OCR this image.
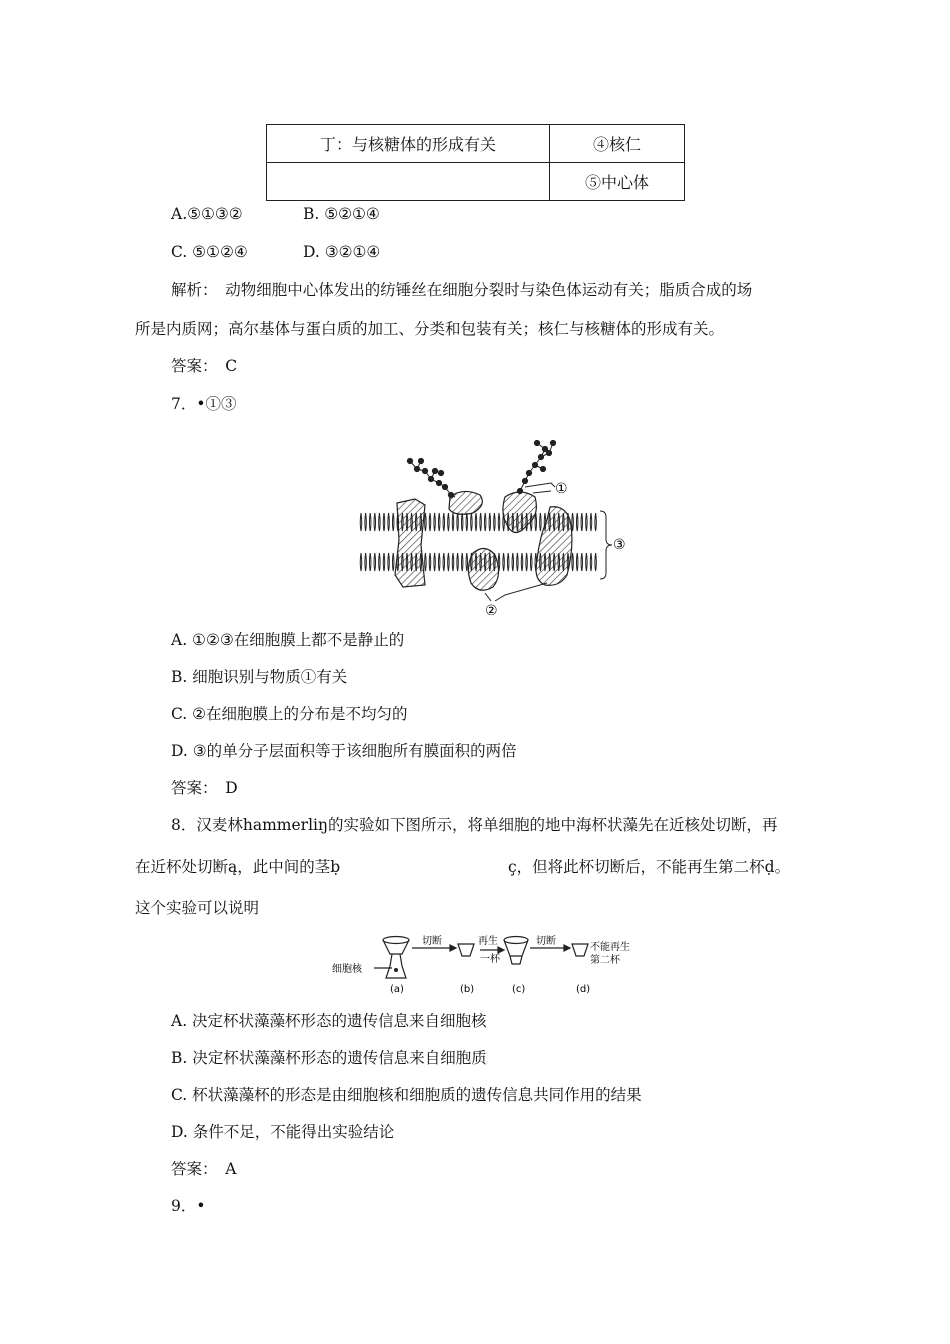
丁：与核糖体的形成有关	④核仁
	⑤中心体
A.⑤①③②	B. ⑤②①④
C. ⑤①②④	D. ③②①④
解析：　动物细胞中心体发出的纺锤丝在细胞分裂时与染色体运动有关；脂质合成的场
所是内质网；高尔基体与蛋白质的加工、分类和包装有关；核仁与核糖体的形成有关。
答案：　C
7．•①③
①
③
②
A. ①②③在细胞膜上都不是静止的
B. 细胞识别与物质①有关
C. ②在细胞膜上的分布是不均匀的
D. ③的单分子层面积等于该细胞所有膜面积的两倍
答案：　D
8．汉麦林hammerliŋ的实验如下图所示，将单细胞的地中海杯状藻先在近核处切断，再
在近杯处切断ą，此中间的茎ḅ	ç，但将此杯切断后，不能再生第二杯ḍ。
这个实验可以说明
细胞核
切断	再生
一杯
切断
不能再生
第二杯
(a)	(b)	(c)	(d)
A. 决定杯状藻藻杯形态的遗传信息来自细胞核
B. 决定杯状藻藻杯形态的遗传信息来自细胞质
C. 杯状藻藻杯的形态是由细胞核和细胞质的遗传信息共同作用的结果
D. 条件不足，不能得出实验结论
答案：　A
9．•
